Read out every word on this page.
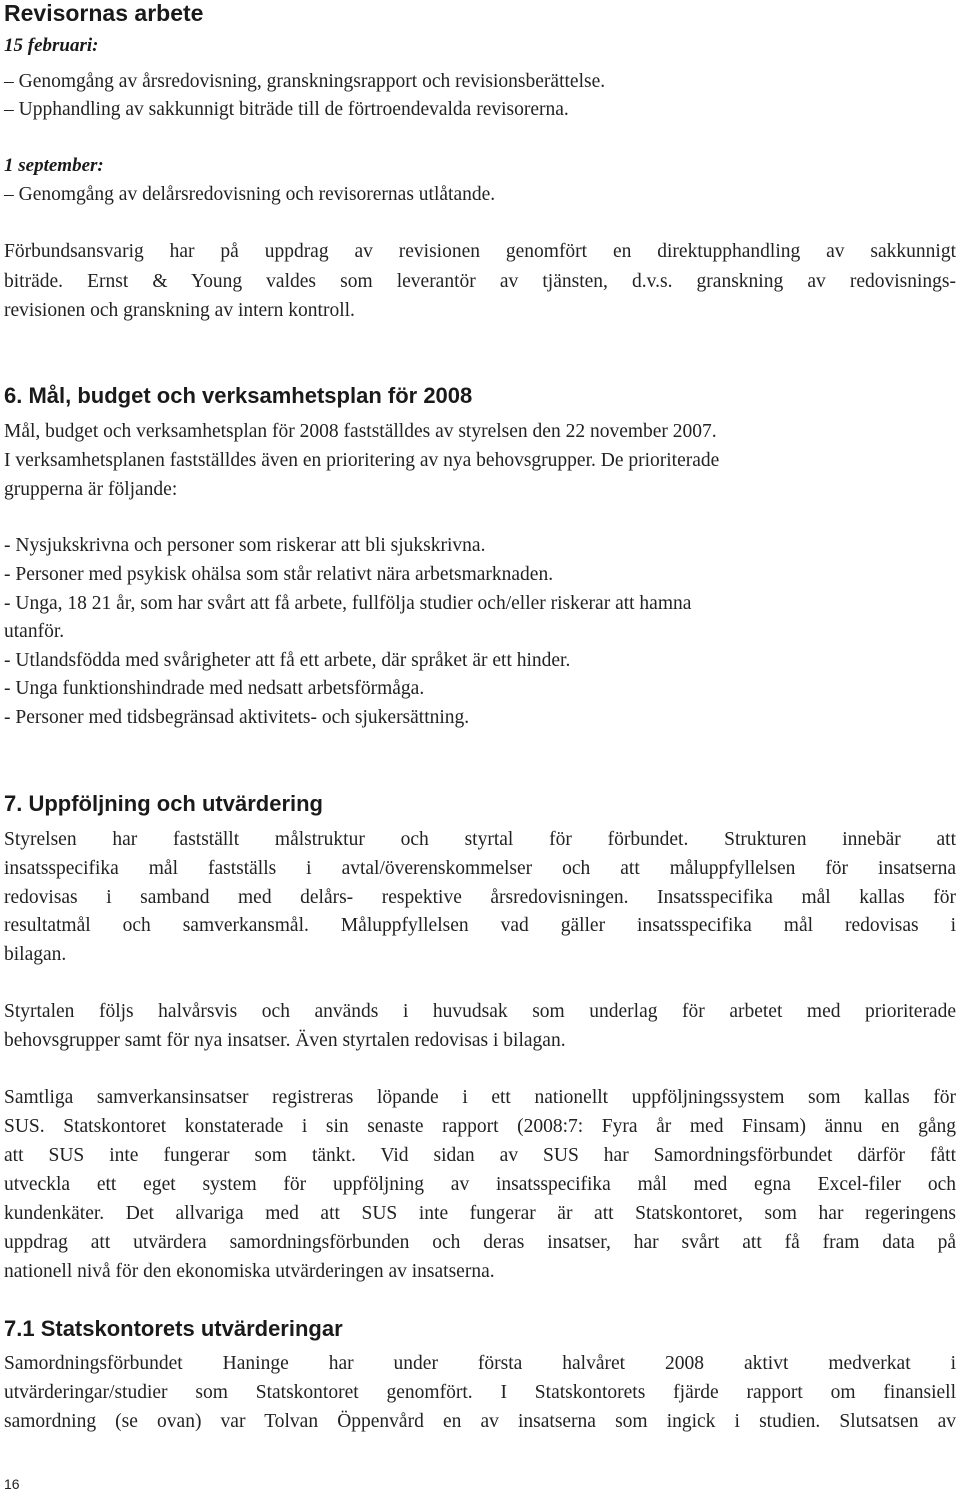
Revisornas arbete
15 februari:
– Genomgång av årsredovisning, granskningsrapport och revisionsberättelse.
– Upphandling av sakkunnigt biträde till de förtroendevalda revisorerna.
1 september:
– Genomgång av delårsredovisning och revisorernas utlåtande.
Förbundsansvarig har på uppdrag av revisionen genomfört en direktupphandling av sakkunnigt
biträde. Ernst & Young valdes som leverantör av tjänsten, d.v.s. granskning av redovisnings-
revisionen och granskning av intern kontroll.
6. Mål, budget och verksamhetsplan för 2008
Mål, budget och verksamhetsplan för 2008 fastställdes av styrelsen den 22 november 2007.
I verksamhetsplanen fastställdes även en prioritering av nya behovsgrupper. De prioriterade
grupperna är följande:
- Nysjukskrivna och personer som riskerar att bli sjukskrivna.
- Personer med psykisk ohälsa som står relativt nära arbetsmarknaden.
- Unga, 18 21 år, som har svårt att få arbete, fullfölja studier och/eller riskerar att hamna
utanför.
- Utlandsfödda med svårigheter att få ett arbete, där språket är ett hinder.
- Unga funktionshindrade med nedsatt arbetsförmåga.
- Personer med tidsbegränsad aktivitets- och sjukersättning.
7. Uppföljning och utvärdering
Styrelsen har fastställt målstruktur och styrtal för förbundet. Strukturen innebär att
insatsspecifika mål fastställs i avtal/överenskommelser och att måluppfyllelsen för insatserna
redovisas i samband med delårs- respektive årsredovisningen. Insatsspecifika mål kallas för
resultatmål och samverkansmål. Måluppfyllelsen vad gäller insatsspecifika mål redovisas i
bilagan.
Styrtalen följs halvårsvis och används i huvudsak som underlag för arbetet med prioriterade
behovsgrupper samt för nya insatser. Även styrtalen redovisas i bilagan.
Samtliga samverkansinsatser registreras löpande i ett nationellt uppföljningssystem som kallas för
SUS. Statskontoret konstaterade i sin senaste rapport (2008:7: Fyra år med Finsam) ännu en gång
att SUS inte fungerar som tänkt. Vid sidan av SUS har Samordningsförbundet därför fått
utveckla ett eget system för uppföljning av insatsspecifika mål med egna Excel-filer och
kundenkäter. Det allvariga med att SUS inte fungerar är att Statskontoret, som har regeringens
uppdrag att utvärdera samordningsförbunden och deras insatser, har svårt att få fram data på
nationell nivå för den ekonomiska utvärderingen av insatserna.
7.1 Statskontorets utvärderingar
Samordningsförbundet Haninge har under första halvåret 2008 aktivt medverkat i
utvärderingar/studier som Statskontoret genomfört. I Statskontorets fjärde rapport om finansiell
samordning (se ovan) var Tolvan Öppenvård en av insatserna som ingick i studien. Slutsatsen av
16
